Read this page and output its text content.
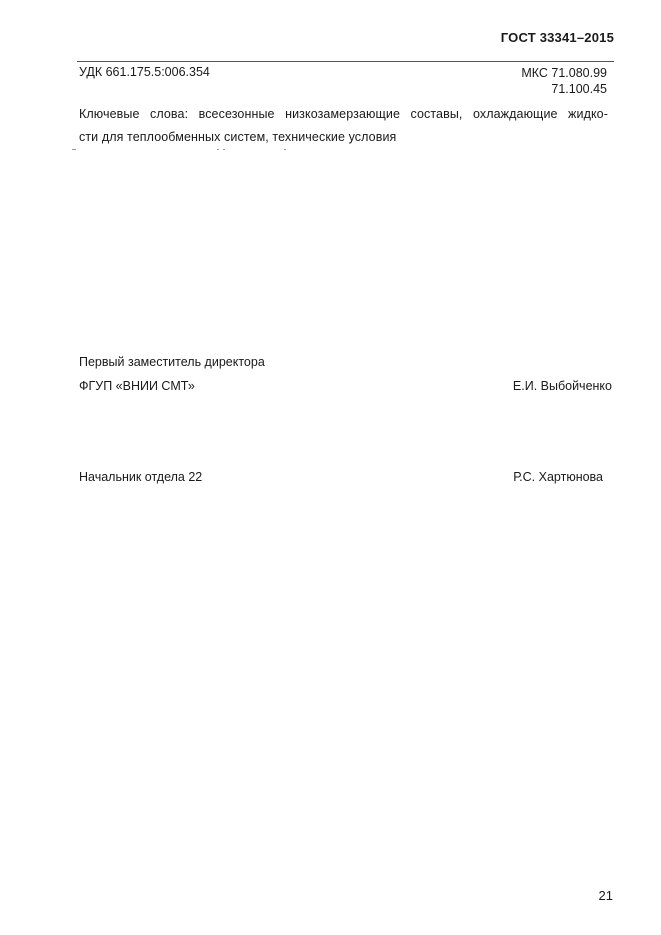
ГОСТ 33341–2015
УДК 661.175.5:006.354	МКС 71.080.99
71.100.45
Ключевые слова: всесезонные низкозамерзающие составы, охлаждающие жидко-
сти для теплообменных систем, технические условия
Первый заместитель директора
ФГУП «ВНИИ СМТ»	Е.И. Выбойченко
Начальник отдела 22	Р.С. Хартюнова
21
